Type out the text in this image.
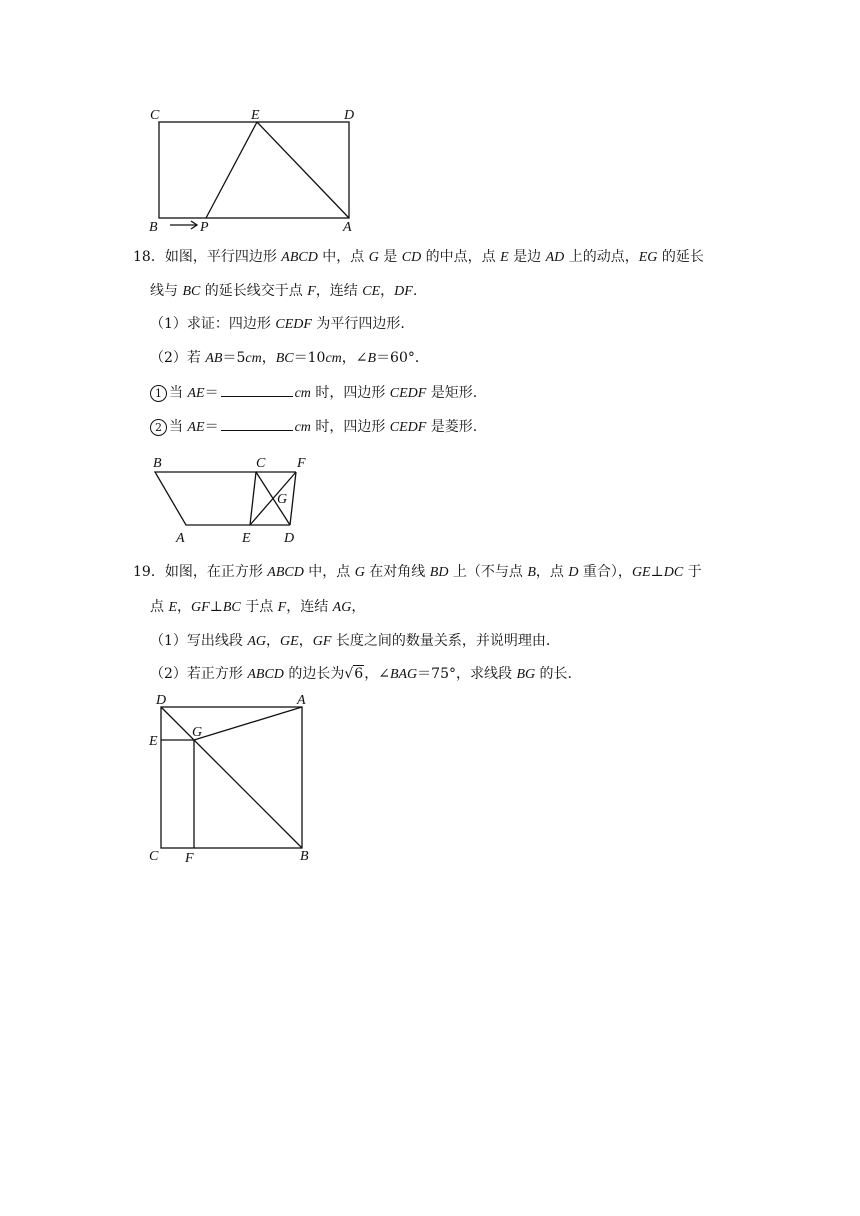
C	E	D
B	P	A
18．如图，平行四边形 ABCD 中，点 G 是 CD 的中点，点 E 是边 AD 上的动点，EG 的延长
线与 BC 的延长线交于点 F，连结 CE，DF.
（1）求证：四边形 CEDF 为平行四边形.
（2）若 AB＝5cm，BC＝10cm，∠B＝60°．
1 当 AE＝	cm 时，四边形 CEDF 是矩形.
2 当 AE＝	cm 时，四边形 CEDF 是菱形.
B	C F
G
A	E D
19．如图，在正方形 ABCD 中，点 G 在对角线 BD 上（不与点 B，点 D 重合），GE⊥DC 于
点 E，GF⊥BC 于点 F，连结 AG，
（1）写出线段 AG，GE，GF 长度之间的数量关系，并说明理由.
（2）若正方形 ABCD 的边长为√6，∠BAG＝75°，求线段 BG 的长.
D	A
G
E
C F	B
